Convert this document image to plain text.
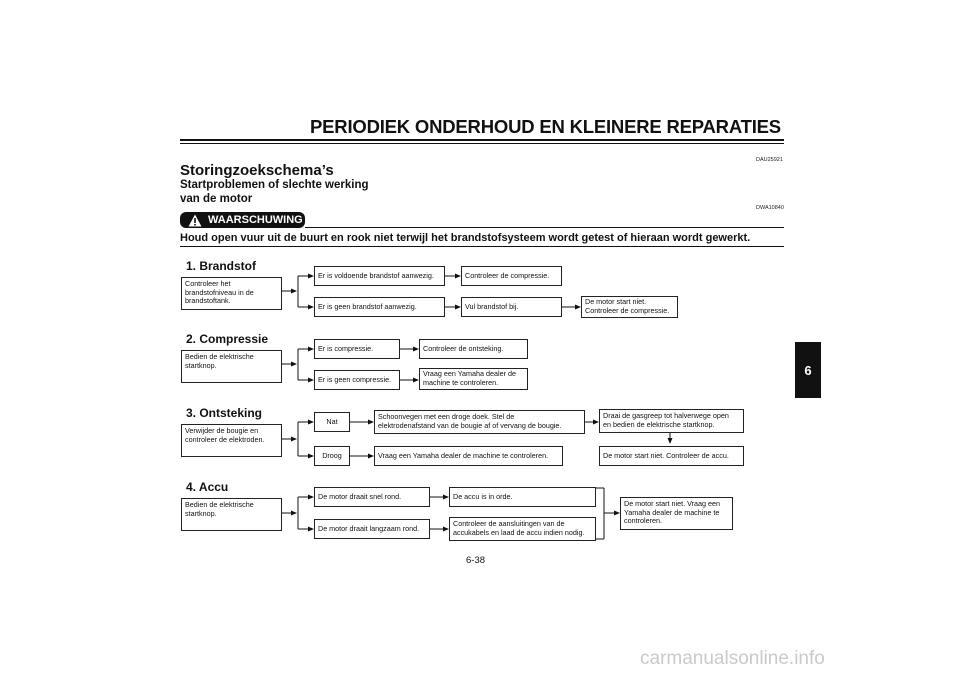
PERIODIEK ONDERHOUD EN KLEINERE REPARATIES
DAU25921
Storingzoekschema’s
Startproblemen of slechte werking
van de motor
DWA10840
WAARSCHUWING
Houd open vuur uit de buurt en rook niet terwijl het brandstofsysteem wordt getest of hieraan wordt gewerkt.
1. Brandstof
Controleer het
brandstofniveau in de
brandstoftank.
Er is voldoende brandstof aanwezig.
Er is geen brandstof aanwezig.
Controleer de compressie.
Vul brandstof bij.	De motor start niet.
Controleer de compressie.
2. Compressie
Bedien de elektrische
startknop.
Er is compressie.
Er is geen compressie.
Controleer de ontsteking.
Vraag een Yamaha dealer de
machine te controleren.
3. Ontsteking
Verwijder de bougie en
controleer de elektroden.
Nat
Droog
Schoonvegen met een droge doek. Stel de
elektrodenafstand van de bougie af of vervang de bougie.
Vraag een Yamaha dealer de machine te controleren.
Draai de gasgreep tot halverwege open
en bedien de elektrische startknop.
De motor start niet. Controleer de accu.
4. Accu
Bedien de elektrische
startknop.
De motor draait snel rond.
De motor draait langzaam rond.
De accu is in orde.
Controleer de aansluitingen van de
accukabels en laad de accu indien nodig.
De motor start niet. Vraag een
Yamaha dealer de machine te
controleren.
6
6-38
carmanualsonline.info
